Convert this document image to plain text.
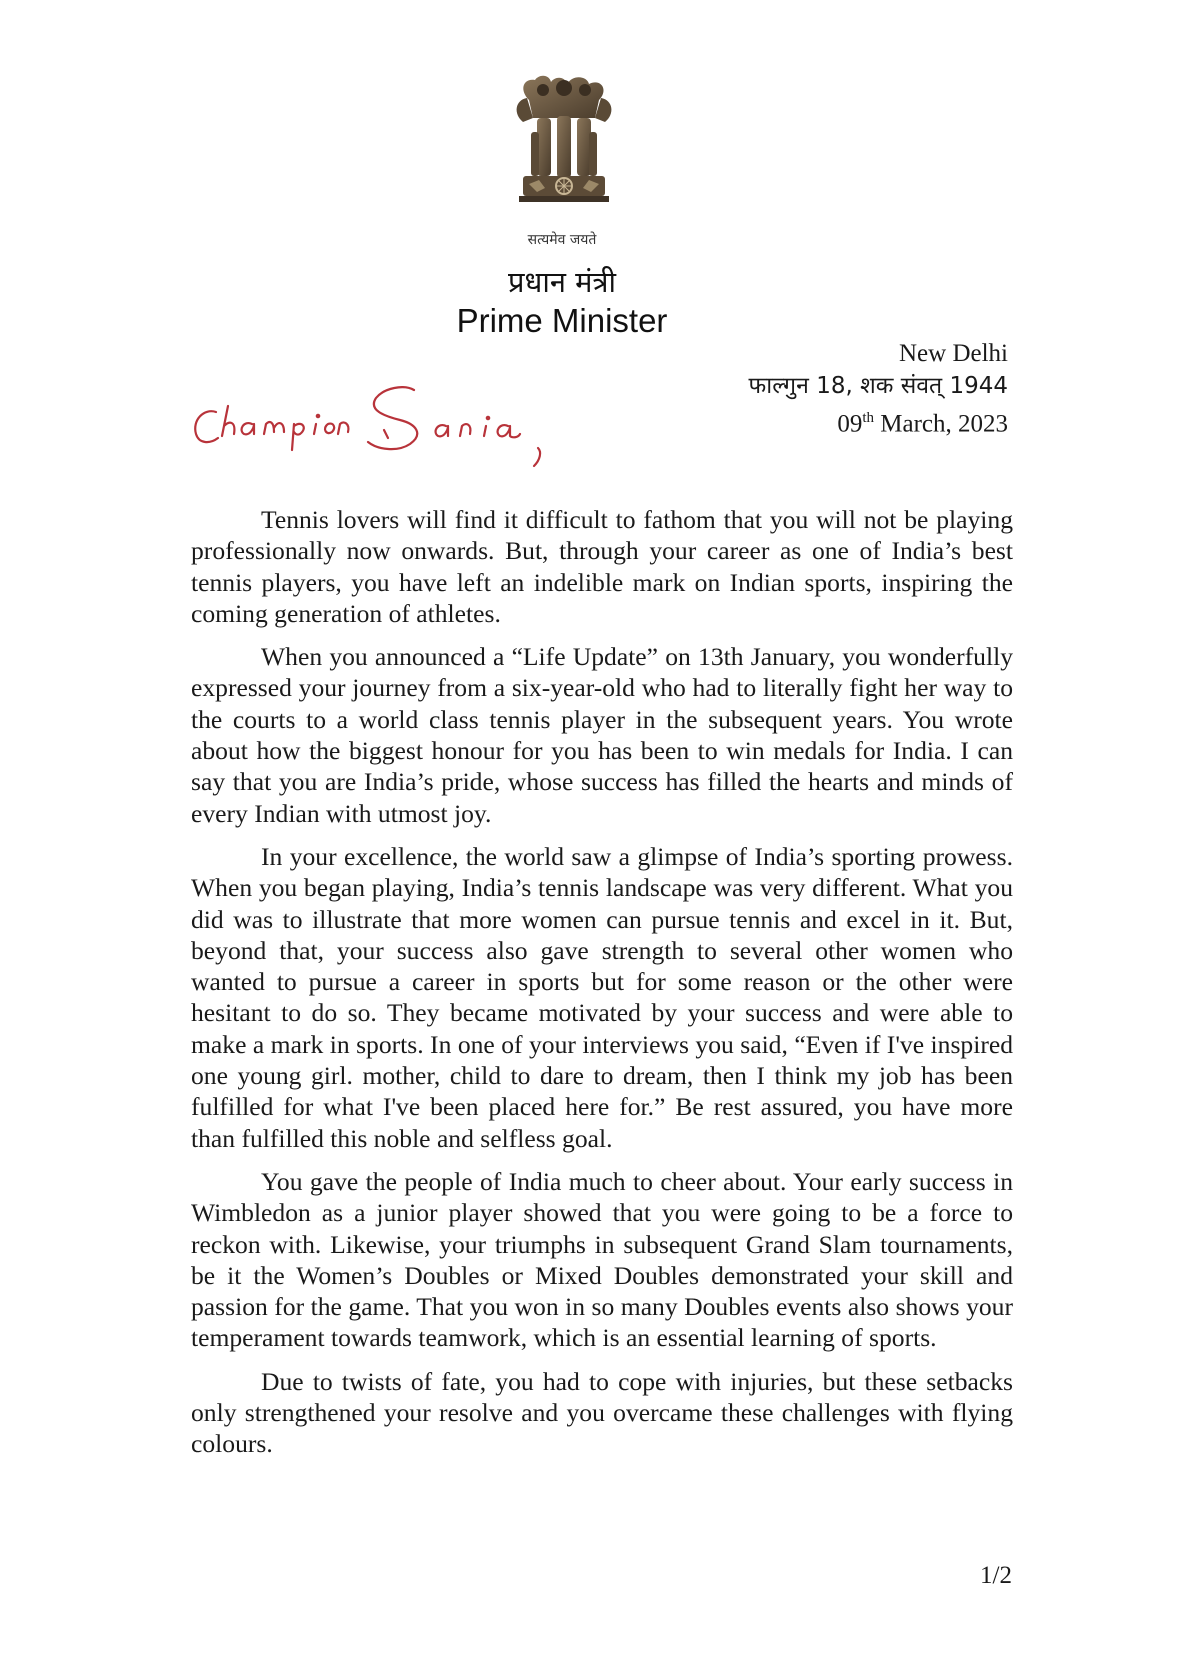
सत्यमेव जयते
प्रधान मंत्री
Prime Minister
New Delhi
फाल्गुन 18, शक संवत् 1944
09th March, 2023
Champion Sania,

Tennis lovers will find it difficult to fathom that you will not be playing professionally now onwards. But, through your career as one of India’s best tennis players, you have left an indelible mark on Indian sports, inspiring the coming generation of athletes.

When you announced a “Life Update” on 13th January, you wonderfully expressed your journey from a six-year-old who had to literally fight her way to the courts to a world class tennis player in the subsequent years. You wrote about how the biggest honour for you has been to win medals for India. I can say that you are India’s pride, whose success has filled the hearts and minds of every Indian with utmost joy.

In your excellence, the world saw a glimpse of India’s sporting prowess. When you began playing, India’s tennis landscape was very different. What you did was to illustrate that more women can pursue tennis and excel in it. But, beyond that, your success also gave strength to several other women who wanted to pursue a career in sports but for some reason or the other were hesitant to do so. They became motivated by your success and were able to make a mark in sports. In one of your interviews you said, “Even if I've inspired one young girl. mother, child to dare to dream, then I think my job has been fulfilled for what I've been placed here for.” Be rest assured, you have more than fulfilled this noble and selfless goal.

You gave the people of India much to cheer about. Your early success in Wimbledon as a junior player showed that you were going to be a force to reckon with. Likewise, your triumphs in subsequent Grand Slam tournaments, be it the Women’s Doubles or Mixed Doubles demonstrated your skill and passion for the game. That you won in so many Doubles events also shows your temperament towards teamwork, which is an essential learning of sports.

Due to twists of fate, you had to cope with injuries, but these setbacks only strengthened your resolve and you overcame these challenges with flying colours.

1/2
